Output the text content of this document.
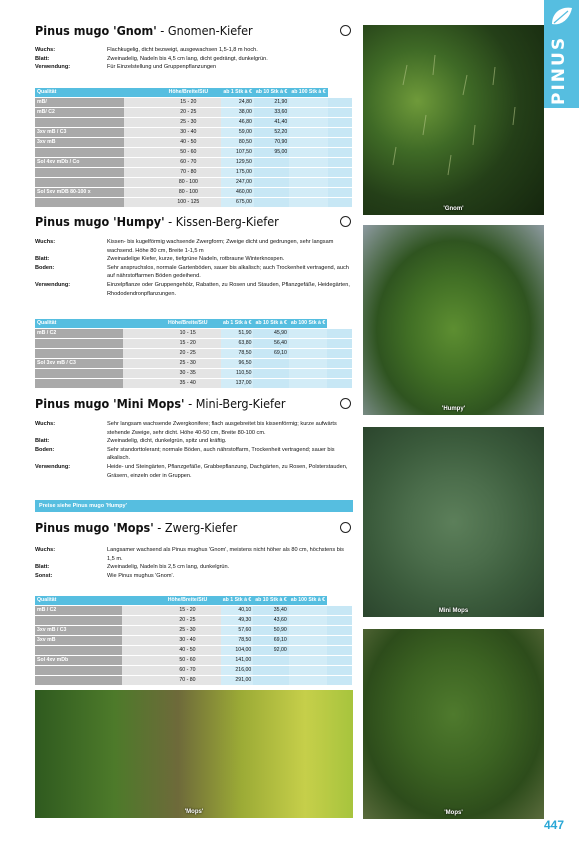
PINUS
Pinus mugo 'Gnom' - Gnomen-Kiefer
Wuchs:	Flachkugelig, dicht bezweigt, ausgewachsen 1,5-1,8 m hoch.
Blatt:	Zweinadelig, Nadeln bis 4,5 cm lang, dicht gedrängt, dunkelgrün.
Verwendung:	Für Einzelstellung und Gruppenpflanzungen
Qualität		Höhe/Breite/StU	ab 1 Stk à €	ab 10 Stk à €	ab 100 Stk à €	
mB/		15 - 20	24,80	21,90		
mB/ C2		20 - 25	38,00	33,60		
		25 - 30	46,80	41,40		
3xv mB / C3		30 - 40	59,00	52,20		
3xv mB		40 - 50	80,50	70,90		
		50 - 60	107,50	95,00		
Sol 4xv mDb / Co		60 - 70	129,50			
		70 - 80	175,00			
		80 - 100	247,00			
Sol 5xv mDB 80-100 x		80 - 100	460,00			
		100 - 125	675,00			
Pinus mugo 'Humpy' - Kissen-Berg-Kiefer
Wuchs:	Kissen- bis kugelförmig wachsende Zwergform; Zweige dicht und gedrungen, sehr langsam wachsend. Höhe 80 cm, Breite 1-1,5 m
Blatt:	Zweinadelige Kiefer, kurze, tiefgrüne Nadeln, rotbraune Winterknospen.
Boden:	Sehr anspruchslos, normale Gartenböden, sauer bis alkalisch; auch Trockenheit vertragend, auch auf nährstoffarmen Böden gedeihend.
Verwendung:	Einzelpflanze oder Gruppengehölz, Rabatten, zu Rosen und Stauden, Pflanzgefäße, Heidegärten, Rhododendronpflanzungen.
Qualität		Höhe/Breite/StU	ab 1 Stk à €	ab 10 Stk à €	ab 100 Stk à €	
mB / C2		10 - 15	51,90	45,90		
		15 - 20	63,80	56,40		
		20 - 25	78,50	69,10		
Sol 3xv mB / C3		25 - 30	96,50			
		30 - 35	110,50			
		35 - 40	137,00			
Pinus mugo 'Mini Mops' - Mini-Berg-Kiefer
Wuchs:	Sehr langsam wachsende Zwergkonifere; flach ausgebreitet bis kissenförmig; kurze aufwärts stehende Zweige, sehr dicht. Höhe 40-50 cm, Breite 80-100 cm.
Blatt:	Zweinadelig, dicht, dunkelgrün, spitz und kräftig.
Boden:	Sehr standorttolerant; normale Böden, auch nährstoffarm, Trockenheit vertragend; sauer bis alkalisch.
Verwendung:	Heide- und Steingärten, Pflanzgefäße, Grabbepflanzung, Dachgärten, zu Rosen, Polsterstauden, Gräsern, einzeln oder in Gruppen.
Preise siehe Pinus mugo 'Humpy'
Pinus mugo 'Mops' - Zwerg-Kiefer
Wuchs:	Langsamer wachsend als Pinus mughus 'Gnom', meistens nicht höher als 80 cm, höchstens bis 1,5 m.
Blatt:	Zweinadelig, Nadeln bis 2,5 cm lang, dunkelgrün.
Sonst:	Wie Pinus mughus 'Gnom'.
Qualität		Höhe/Breite/StU	ab 1 Stk à €	ab 10 Stk à €	ab 100 Stk à €	
mB / C2		15 - 20	40,10	35,40		
		20 - 25	49,30	43,60		
3xv mB / C3		25 - 30	57,60	50,90		
3xv mB		30 - 40	78,50	69,10		
		40 - 50	104,00	92,00		
Sol 4xv mDb		50 - 60	141,00			
		60 - 70	216,00			
		70 - 80	291,00			
'Gnom'
'Humpy'
Mini Mops
'Mops'	'Mops'
447
